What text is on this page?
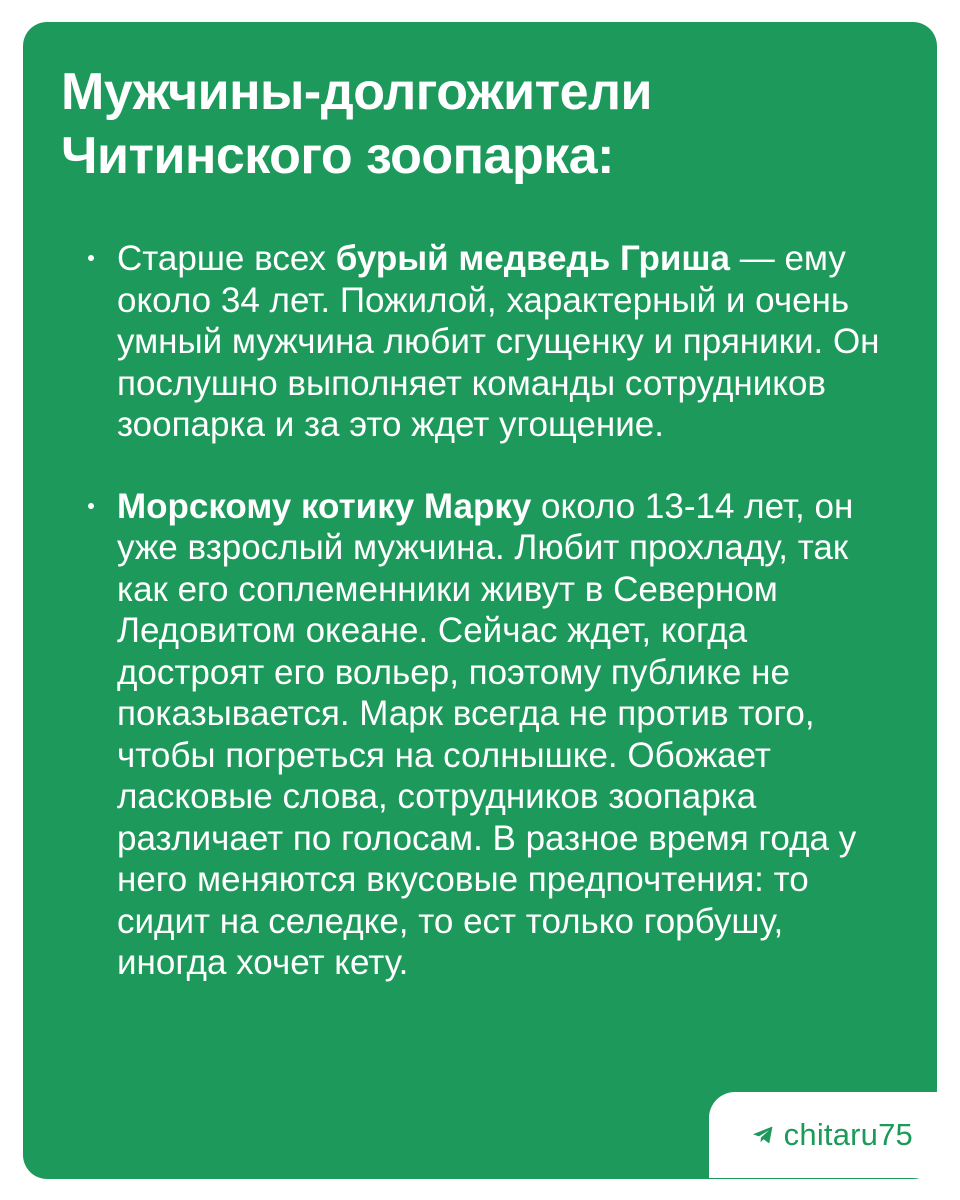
Мужчины-долгожители
Читинского зоопарка:
Старше всех бурый медведь Гриша — ему около 34 лет. Пожилой, характерный и очень умный мужчина любит сгущенку и пряники. Он послушно выполняет команды сотрудников зоопарка и за это ждет угощение.
Морскому котику Марку около 13-14 лет, он уже взрослый мужчина. Любит прохладу, так как его соплеменники живут в Северном Ледовитом океане. Сейчас ждет, когда достроят его вольер, поэтому публике не показывается. Марк всегда не против того, чтобы погреться на солнышке. Обожает ласковые слова, сотрудников зоопарка различает по голосам. В разное время года у него меняются вкусовые предпочтения: то сидит на селедке, то ест только горбушу, иногда хочет кету.
chitaru75
